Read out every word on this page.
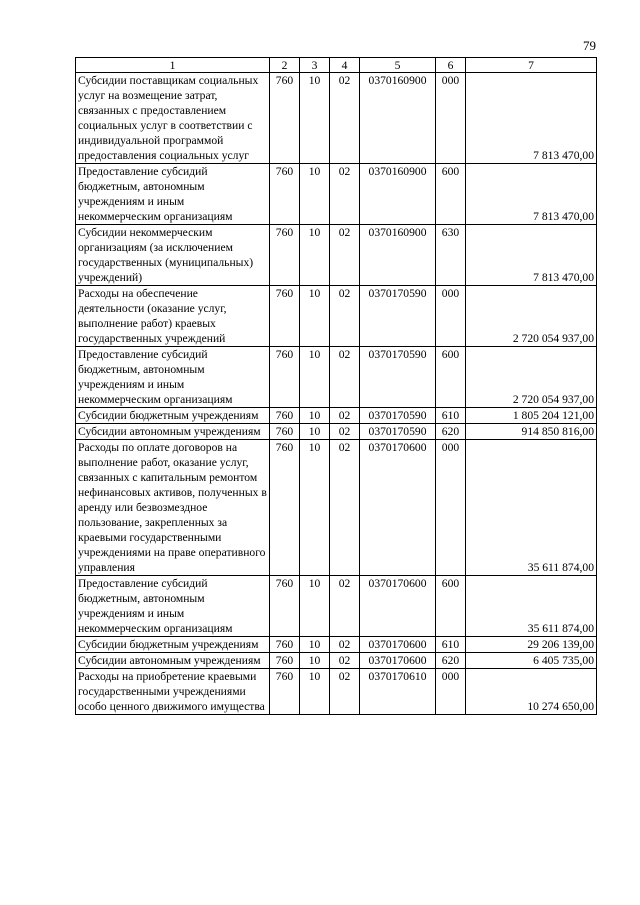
79
1	2	3	4	5	6	7
Субсидии поставщикам социальных услуг на возмещение затрат, связанных с предоставлением социальных услуг в соответствии с индивидуальной программой предоставления социальных услуг	760	10	02	0370160900	000	7 813 470,00
Предоставление субсидий бюджетным, автономным учреждениям и иным некоммерческим организациям	760	10	02	0370160900	600	7 813 470,00
Субсидии некоммерческим организациям (за исключением государственных (муниципальных) учреждений)	760	10	02	0370160900	630	7 813 470,00
Расходы на обеспечение деятельности (оказание услуг, выполнение работ) краевых государственных учреждений	760	10	02	0370170590	000	2 720 054 937,00
Предоставление субсидий бюджетным, автономным учреждениям и иным некоммерческим организациям	760	10	02	0370170590	600	2 720 054 937,00
Субсидии бюджетным учреждениям	760	10	02	0370170590	610	1 805 204 121,00
Субсидии автономным учреждениям	760	10	02	0370170590	620	914 850 816,00
Расходы по оплате договоров на выполнение работ, оказание услуг, связанных с капитальным ремонтом нефинансовых активов, полученных в аренду или безвозмездное пользование, закрепленных за краевыми государственными учреждениями на праве оперативного управления	760	10	02	0370170600	000	35 611 874,00
Предоставление субсидий бюджетным, автономным учреждениям и иным некоммерческим организациям	760	10	02	0370170600	600	35 611 874,00
Субсидии бюджетным учреждениям	760	10	02	0370170600	610	29 206 139,00
Субсидии автономным учреждениям	760	10	02	0370170600	620	6 405 735,00
Расходы на приобретение краевыми государственными учреждениями особо ценного движимого имущества	760	10	02	0370170610	000	10 274 650,00
